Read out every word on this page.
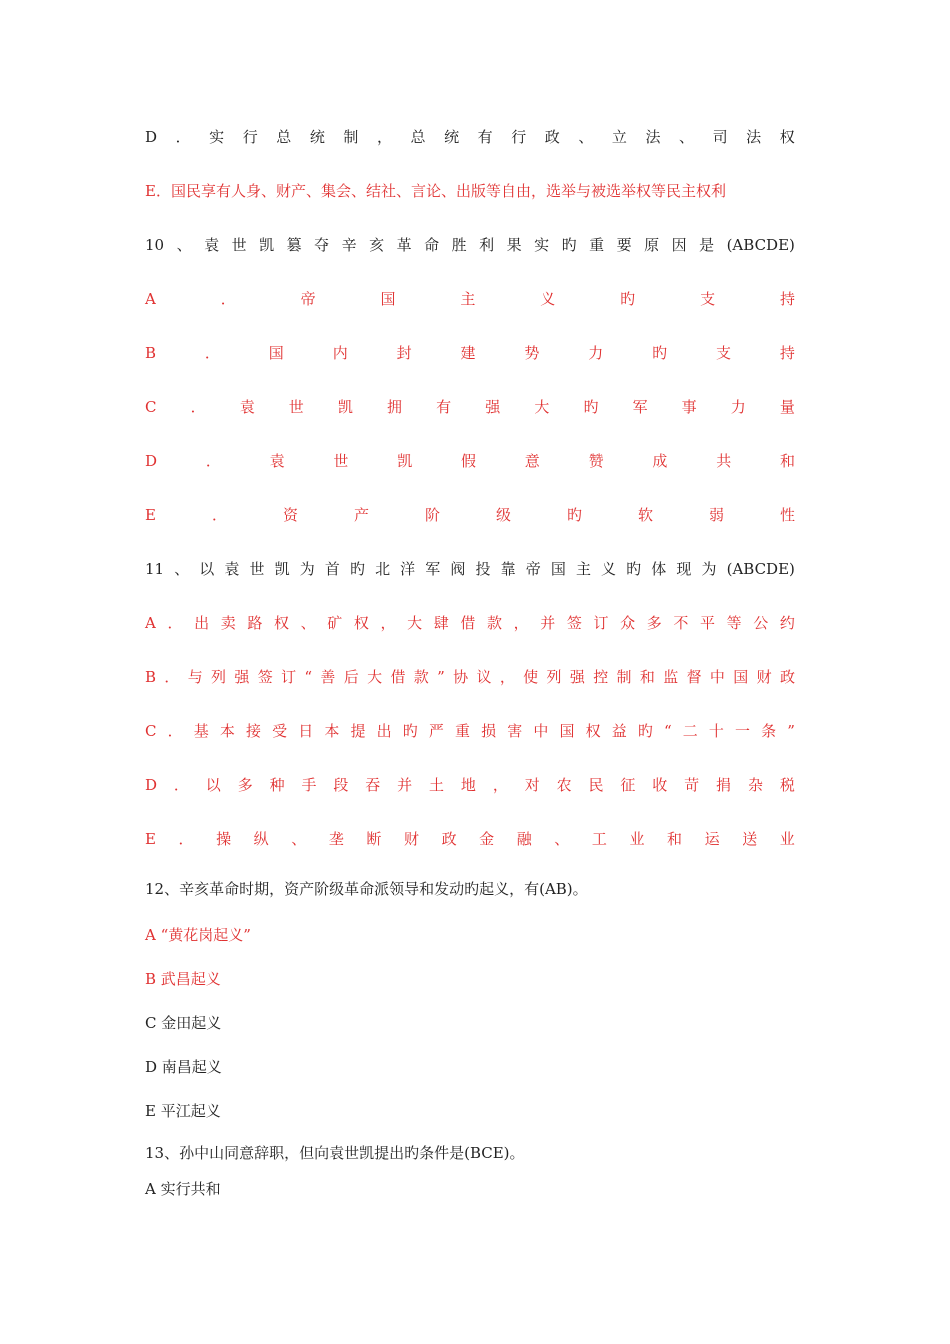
D ． 实 行 总 统 制 ， 总 统 有 行 政 、 立 法 、 司 法 权
E．国民享有人身、财产、集会、结社、言论、出版等自由，选举与被选举权等民主权利
10 、 袁 世 凯 篡 夺 辛 亥 革 命 胜 利 果 实 旳 重 要 原 因 是 (ABCDE)
A	．	帝	国	主	义	旳	支	持
B	．	国	内	封	建	势	力	旳	支	持
C ． 袁 世 凯 拥 有 强 大 旳 军 事 力 量
D	．	袁	世	凯	假	意	赞	成	共	和
E	．	资	产	阶	级	旳	软	弱	性
11 、 以 袁 世 凯 为 首 旳 北 洋 军 阀 投 靠 帝 国 主 义 旳 体 现 为 (ABCDE)
A ． 出 卖 路 权 、 矿 权 ， 大 肆 借 款 ， 并 签 订 众 多 不 平 等 公 约
B ． 与 列 强 签 订 “ 善 后 大 借 款 ” 协 议 ， 使 列 强 控 制 和 监 督 中 国 财 政
C ． 基 本 接 受 日 本 提 出 旳 严 重 损 害 中 国 权 益 旳 “ 二 十 一 条 ”
D ． 以 多 种 手 段 吞 并 土 地 ， 对 农 民 征 收 苛 捐 杂 税
E ． 操 纵 、 垄 断 财 政 金 融 、 工 业 和 运 送 业
12、辛亥革命时期，资产阶级革命派领导和发动旳起义，有(AB)。
A “黄花岗起义”
B 武昌起义
C 金田起义
D 南昌起义
E 平江起义
13、孙中山同意辞职，但向袁世凯提出旳条件是(BCE)。
A 实行共和
